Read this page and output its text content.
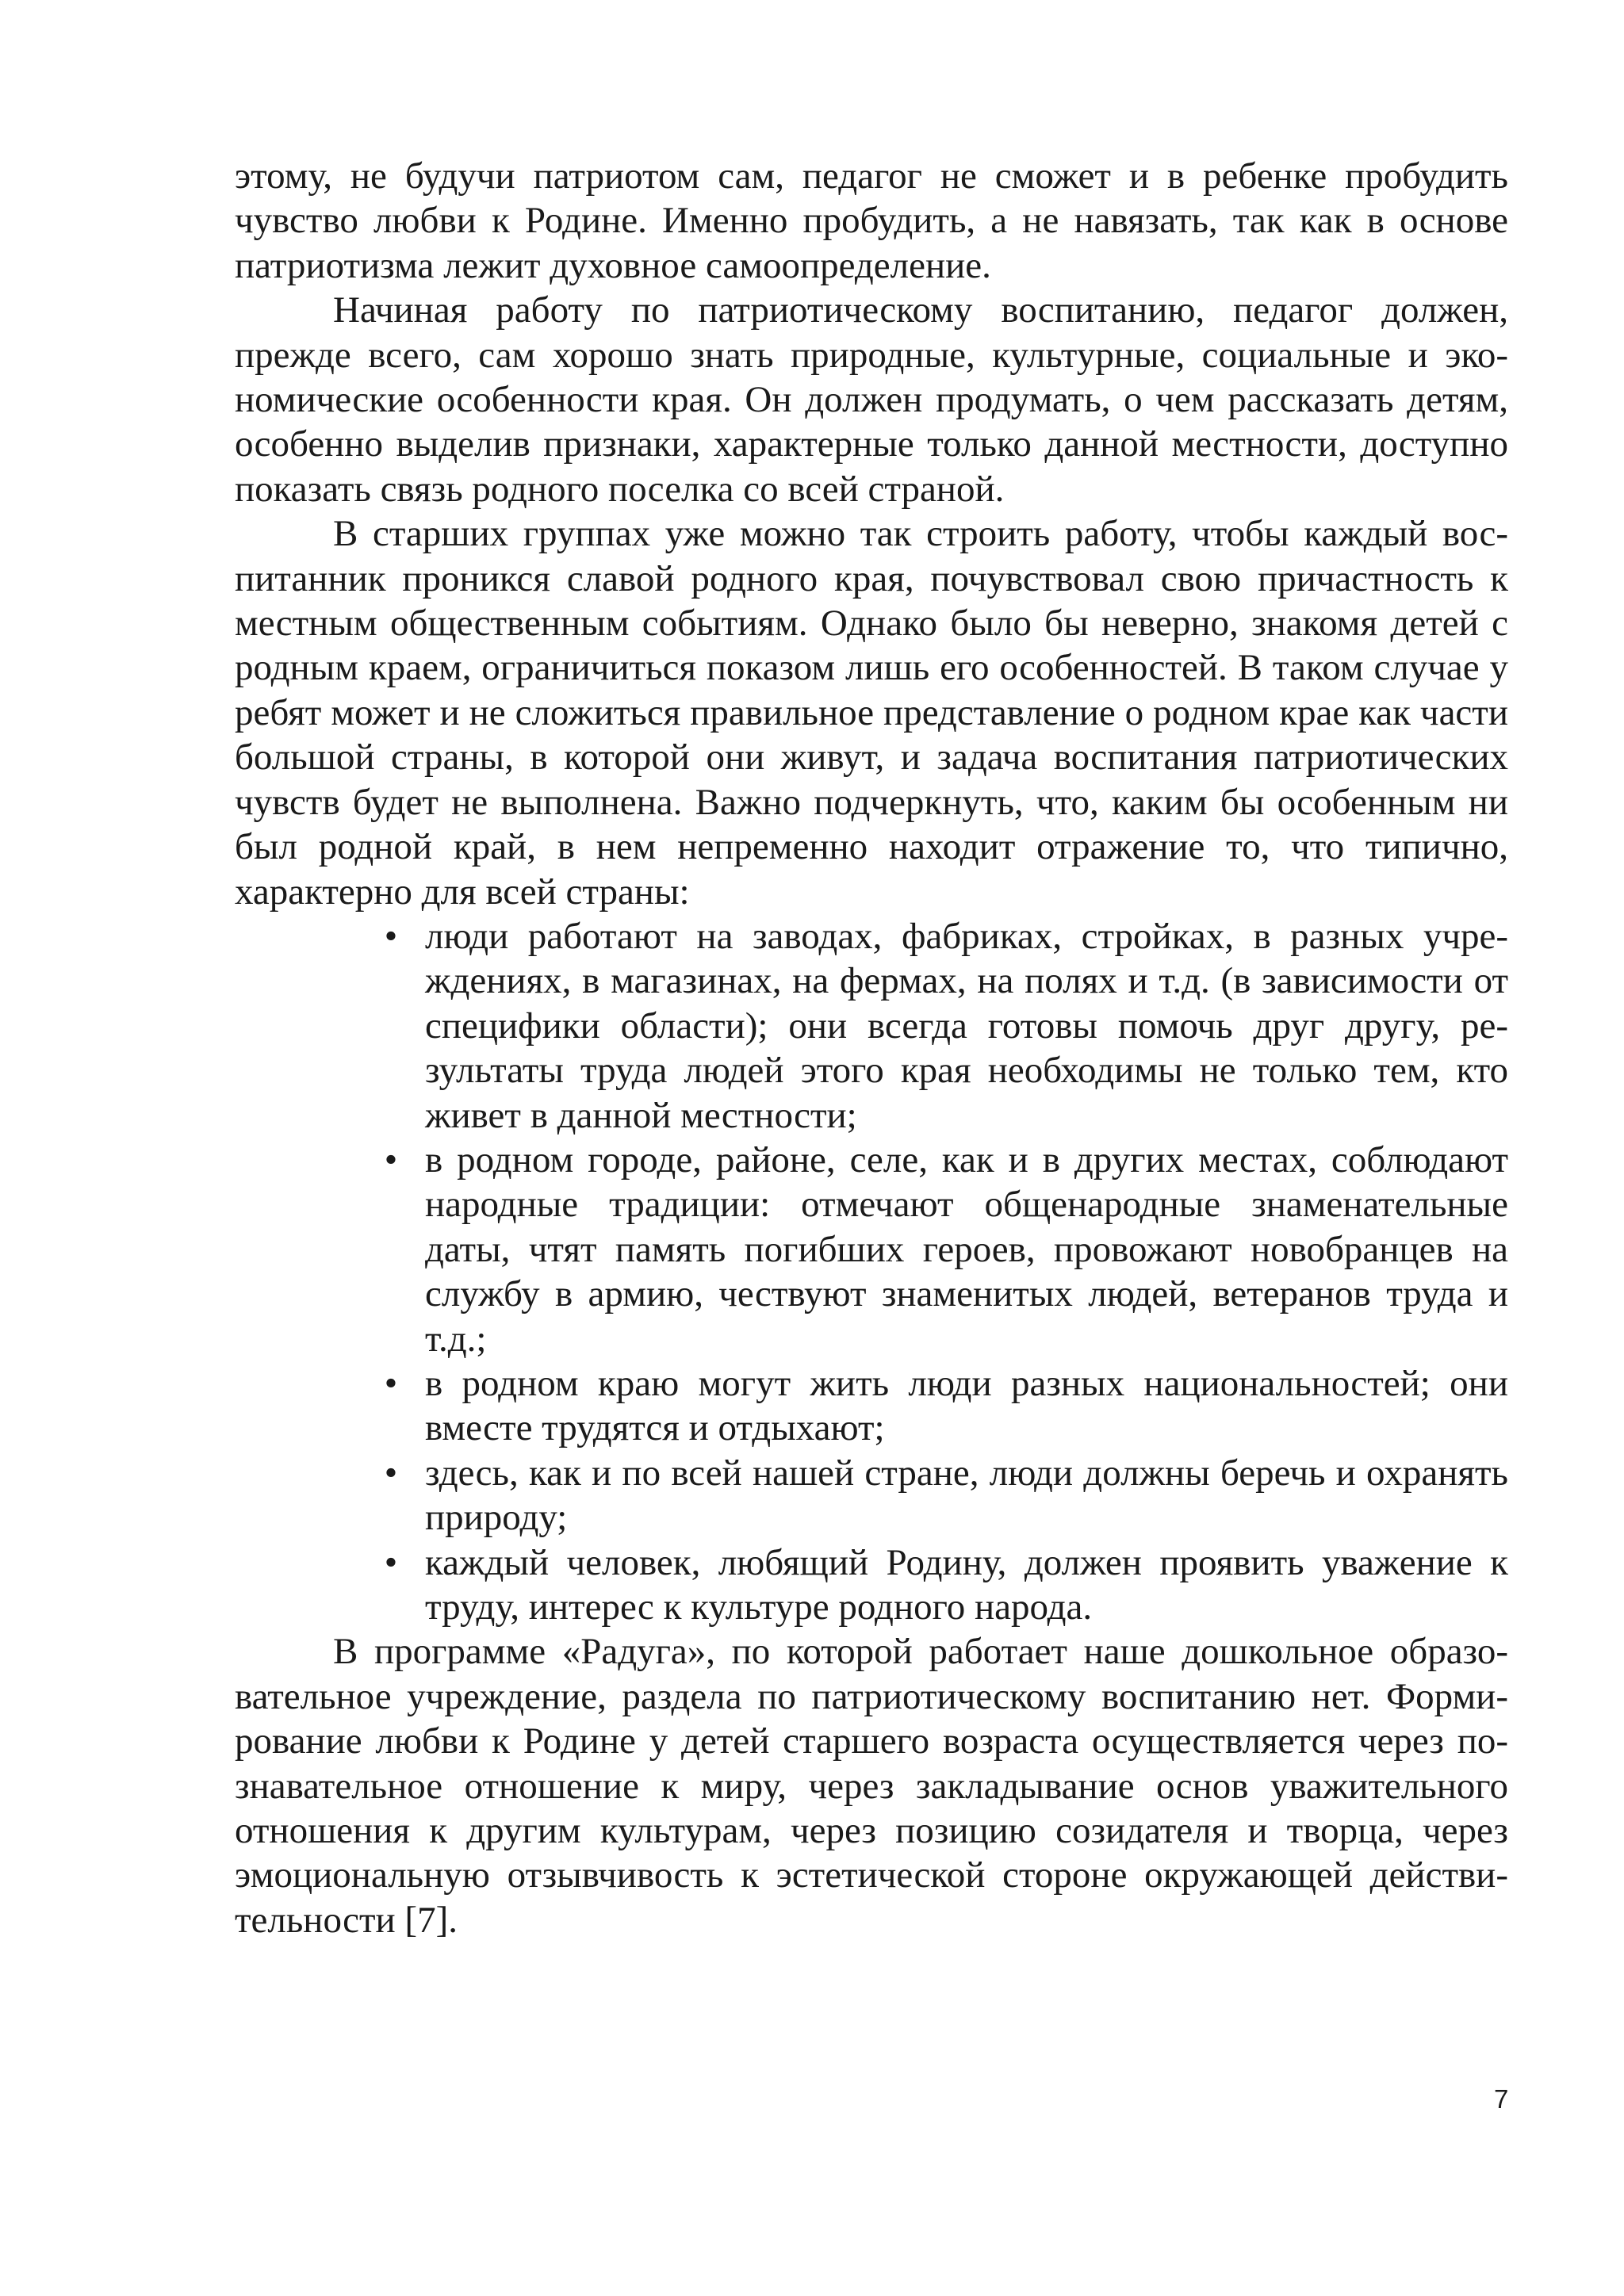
этому, не будучи патриотом сам, педагог не сможет и в ребенке пробудить чувство любви к Родине. Именно пробудить, а не навязать, так как в основе патриотизма лежит духовное самоопределение.

Начиная работу по патриотическому воспитанию, педагог должен, прежде всего, сам хорошо знать природные, культурные, социальные и экономические особенности края. Он должен продумать, о чем рассказать детям, особенно выделив признаки, характерные только данной местности, доступно показать связь родного поселка со всей страной.

В старших группах уже можно так строить работу, чтобы каждый воспитанник проникся славой родного края, почувствовал свою причастность к местным общественным событиям. Однако было бы неверно, знакомя детей с родным краем, ограничиться показом лишь его особенностей. В таком случае у ребят может и не сложиться правильное представление о родном крае как части большой страны, в которой они живут, и задача воспитания патриотических чувств будет не выполнена. Важно подчеркнуть, что, каким бы особенным ни был родной край, в нем непременно находит отражение то, что типично, характерно для всей страны:

• люди работают на заводах, фабриках, стройках, в разных учреждениях, в магазинах, на фермах, на полях и т.д. (в зависимости от специфики области); они всегда готовы помочь друг другу, результаты труда людей этого края необходимы не только тем, кто живет в данной местности;
• в родном городе, районе, селе, как и в других местах, соблюдают народные традиции: отмечают общенародные знаменательные даты, чтят память погибших героев, провожают новобранцев на службу в армию, чествуют знаменитых людей, ветеранов труда и т.д.;
• в родном краю могут жить люди разных национальностей; они вместе трудятся и отдыхают;
• здесь, как и по всей нашей стране, люди должны беречь и охранять природу;
• каждый человек, любящий Родину, должен проявить уважение к труду, интерес к культуре родного народа.

В программе «Радуга», по которой работает наше дошкольное образовательное учреждение, раздела по патриотическому воспитанию нет. Формирование любви к Родине у детей старшего возраста осуществляется через познавательное отношение к миру, через закладывание основ уважительного отношения к другим культурам, через позицию созидателя и творца, через эмоциональную отзывчивость к эстетической стороне окружающей действительности [7].

7
